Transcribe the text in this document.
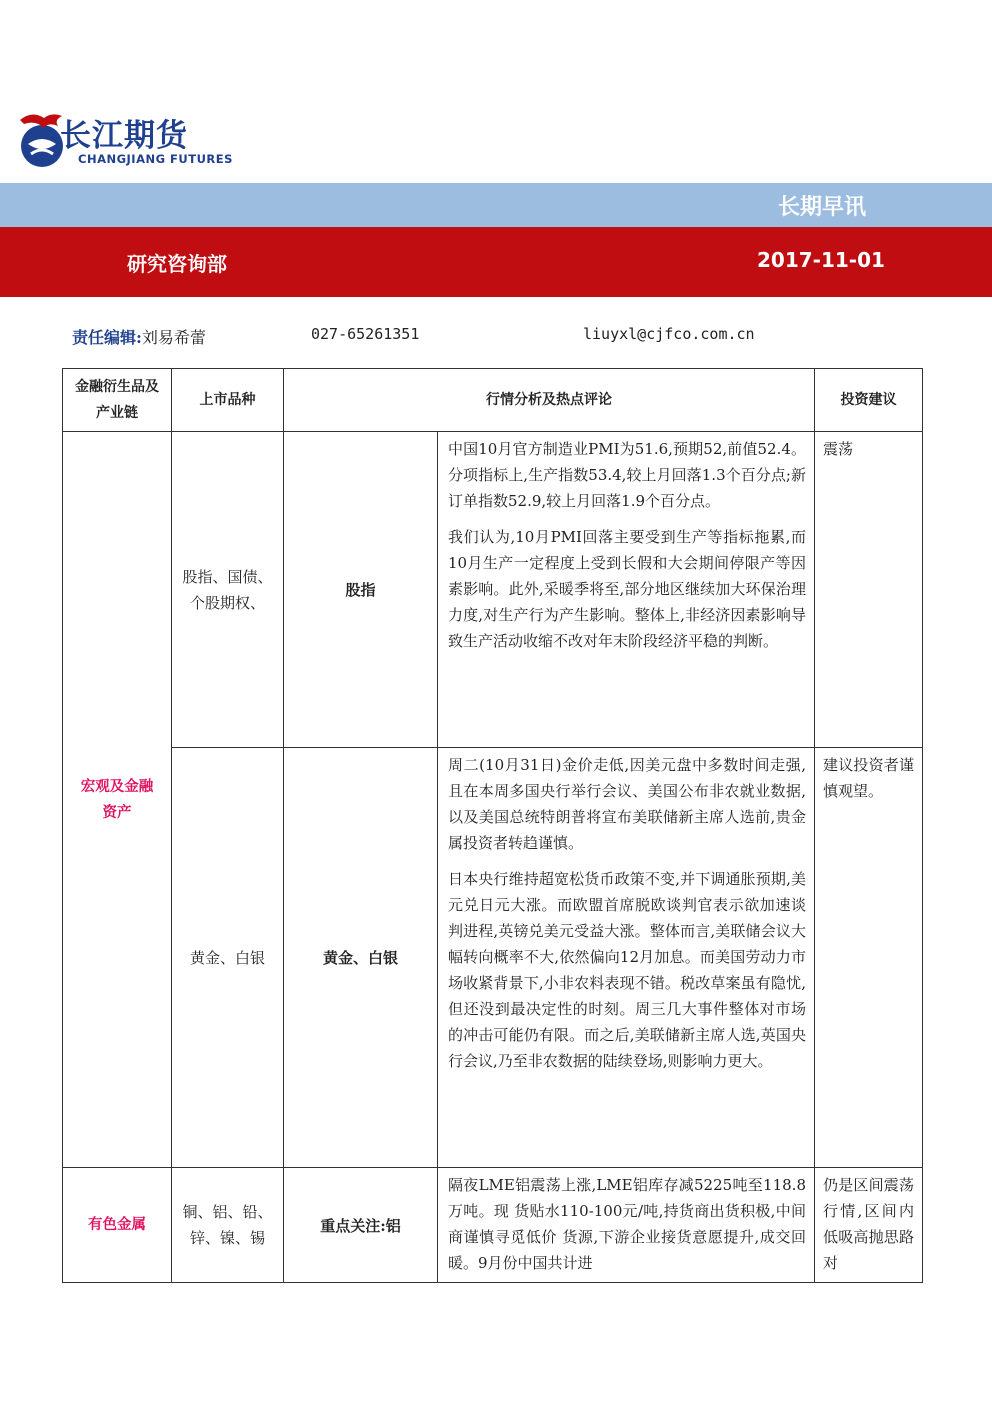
长江期货
CHANGJIANG FUTURES
长期早讯
研究咨询部	2017-11-01
责任编辑:刘易希蕾	027-65261351	liuyxl@cjfco.com.cn
金融衍生品及产业链	上市品种	行情分析及热点评论		投资建议
宏观及金融资产	股指、国债、个股期权、	股指	中国10月官方制造业PMI为51.6,预期52,前值52.4。分项指标上,生产指数53.4,较上月回落1.3个百分点;新订单指数52.9,较上月回落1.9个百分点。

我们认为,10月PMI回落主要受到生产等指标拖累,而10月生产一定程度上受到长假和大会期间停限产等因素影响。此外,采暖季将至,部分地区继续加大环保治理力度,对生产行为产生影响。整体上,非经济因素影响导致生产活动收缩不改对年末阶段经济平稳的判断。	震荡
	黄金、白银	黄金、白银	周二(10月31日)金价走低,因美元盘中多数时间走强,且在本周多国央行举行会议、美国公布非农就业数据,以及美国总统特朗普将宣布美联储新主席人选前,贵金属投资者转趋谨慎。

日本央行维持超宽松货币政策不变,并下调通胀预期,美元兑日元大涨。而欧盟首席脱欧谈判官表示欲加速谈判进程,英镑兑美元受益大涨。整体而言,美联储会议大幅转向概率不大,依然偏向12月加息。而美国劳动力市场收紧背景下,小非农料表现不错。税改草案虽有隐忧,但还没到最决定性的时刻。周三几大事件整体对市场的冲击可能仍有限。而之后,美联储新主席人选,英国央行会议,乃至非农数据的陆续登场,则影响力更大。	建议投资者谨慎观望。
有色金属	铜、铝、铅、锌、镍、锡	重点关注:铝	隔夜LME铝震荡上涨,LME铝库存减5225吨至118.8万吨。现 货贴水110-100元/吨,持货商出货积极,中间商谨慎寻觅低价 货源,下游企业接货意愿提升,成交回暖。9月份中国共计进	仍是区间震荡行情,区间内低吸高抛思路对
